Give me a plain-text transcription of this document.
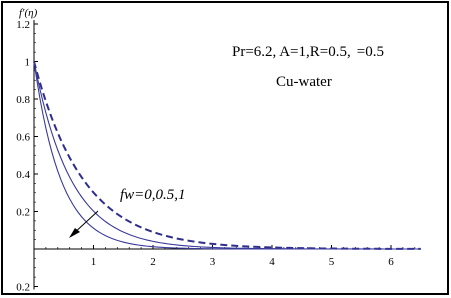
1	2	3	4	5	6
0.2
0.2
0.4
0.6
0.8
1
1.2
f′(η)
Pr=6.2, A=1,R=0.5,  =0.5
Cu-water
fw=0,0.5,1
